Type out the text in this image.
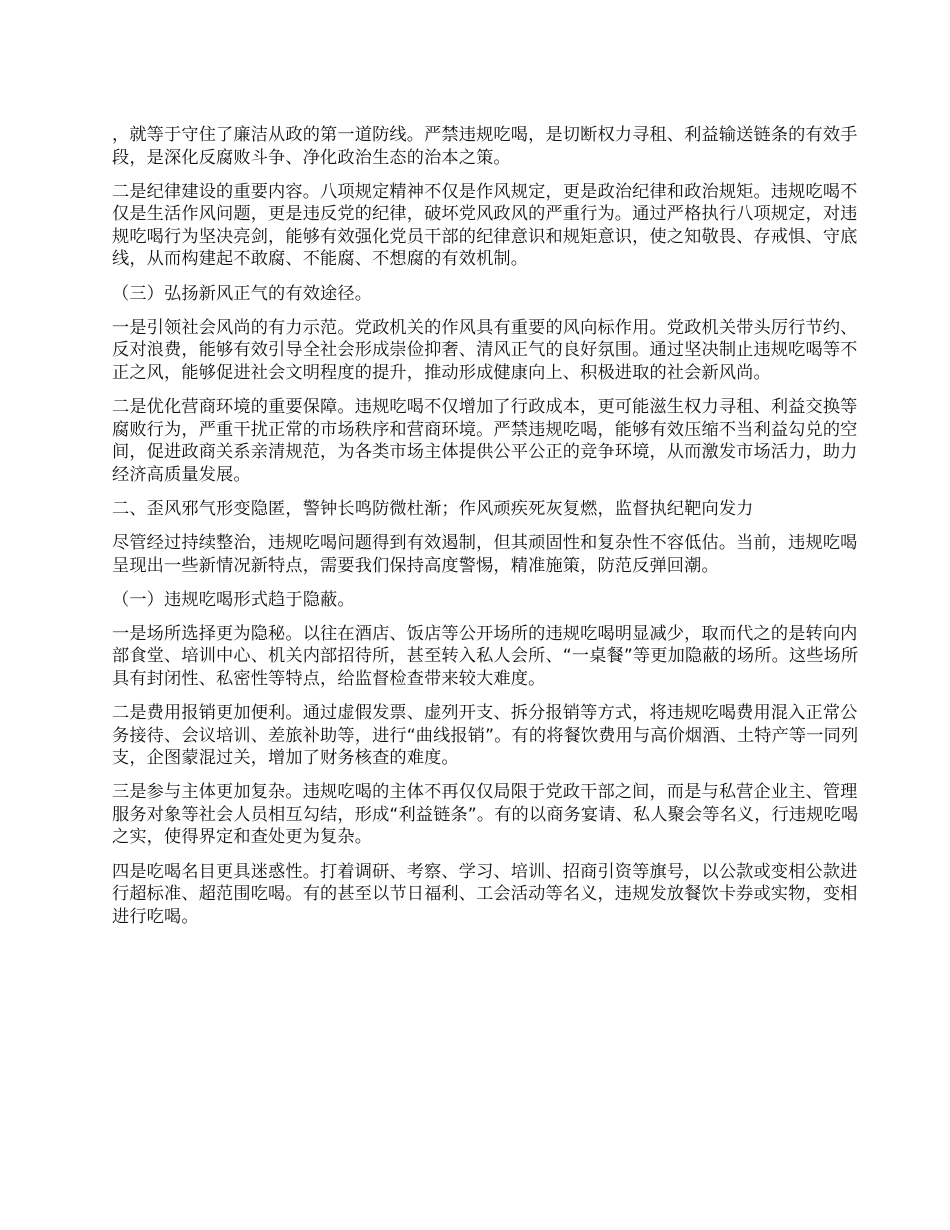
，就等于守住了廉洁从政的第一道防线。严禁违规吃喝，是切断权力寻租、利益输送链条的有效手段，是深化反腐败斗争、净化政治生态的治本之策。

二是纪律建设的重要内容。八项规定精神不仅是作风规定，更是政治纪律和政治规矩。违规吃喝不仅是生活作风问题，更是违反党的纪律，破坏党风政风的严重行为。通过严格执行八项规定，对违规吃喝行为坚决亮剑，能够有效强化党员干部的纪律意识和规矩意识，使之知敬畏、存戒惧、守底线，从而构建起不敢腐、不能腐、不想腐的有效机制。

（三）弘扬新风正气的有效途径。

一是引领社会风尚的有力示范。党政机关的作风具有重要的风向标作用。党政机关带头厉行节约、反对浪费，能够有效引导全社会形成崇俭抑奢、清风正气的良好氛围。通过坚决制止违规吃喝等不正之风，能够促进社会文明程度的提升，推动形成健康向上、积极进取的社会新风尚。

二是优化营商环境的重要保障。违规吃喝不仅增加了行政成本，更可能滋生权力寻租、利益交换等腐败行为，严重干扰正常的市场秩序和营商环境。严禁违规吃喝，能够有效压缩不当利益勾兑的空间，促进政商关系亲清规范，为各类市场主体提供公平公正的竞争环境，从而激发市场活力，助力经济高质量发展。

二、歪风邪气形变隐匿，警钟长鸣防微杜渐；作风顽疾死灰复燃，监督执纪靶向发力

尽管经过持续整治，违规吃喝问题得到有效遏制，但其顽固性和复杂性不容低估。当前，违规吃喝呈现出一些新情况新特点，需要我们保持高度警惕，精准施策，防范反弹回潮。

（一）违规吃喝形式趋于隐蔽。

一是场所选择更为隐秘。以往在酒店、饭店等公开场所的违规吃喝明显减少，取而代之的是转向内部食堂、培训中心、机关内部招待所，甚至转入私人会所、“一桌餐”等更加隐蔽的场所。这些场所具有封闭性、私密性等特点，给监督检查带来较大难度。

二是费用报销更加便利。通过虚假发票、虚列开支、拆分报销等方式，将违规吃喝费用混入正常公务接待、会议培训、差旅补助等，进行“曲线报销”。有的将餐饮费用与高价烟酒、土特产等一同列支，企图蒙混过关，增加了财务核查的难度。

三是参与主体更加复杂。违规吃喝的主体不再仅仅局限于党政干部之间，而是与私营企业主、管理服务对象等社会人员相互勾结，形成“利益链条”。有的以商务宴请、私人聚会等名义，行违规吃喝之实，使得界定和查处更为复杂。

四是吃喝名目更具迷惑性。打着调研、考察、学习、培训、招商引资等旗号，以公款或变相公款进行超标准、超范围吃喝。有的甚至以节日福利、工会活动等名义，违规发放餐饮卡券或实物，变相进行吃喝。
